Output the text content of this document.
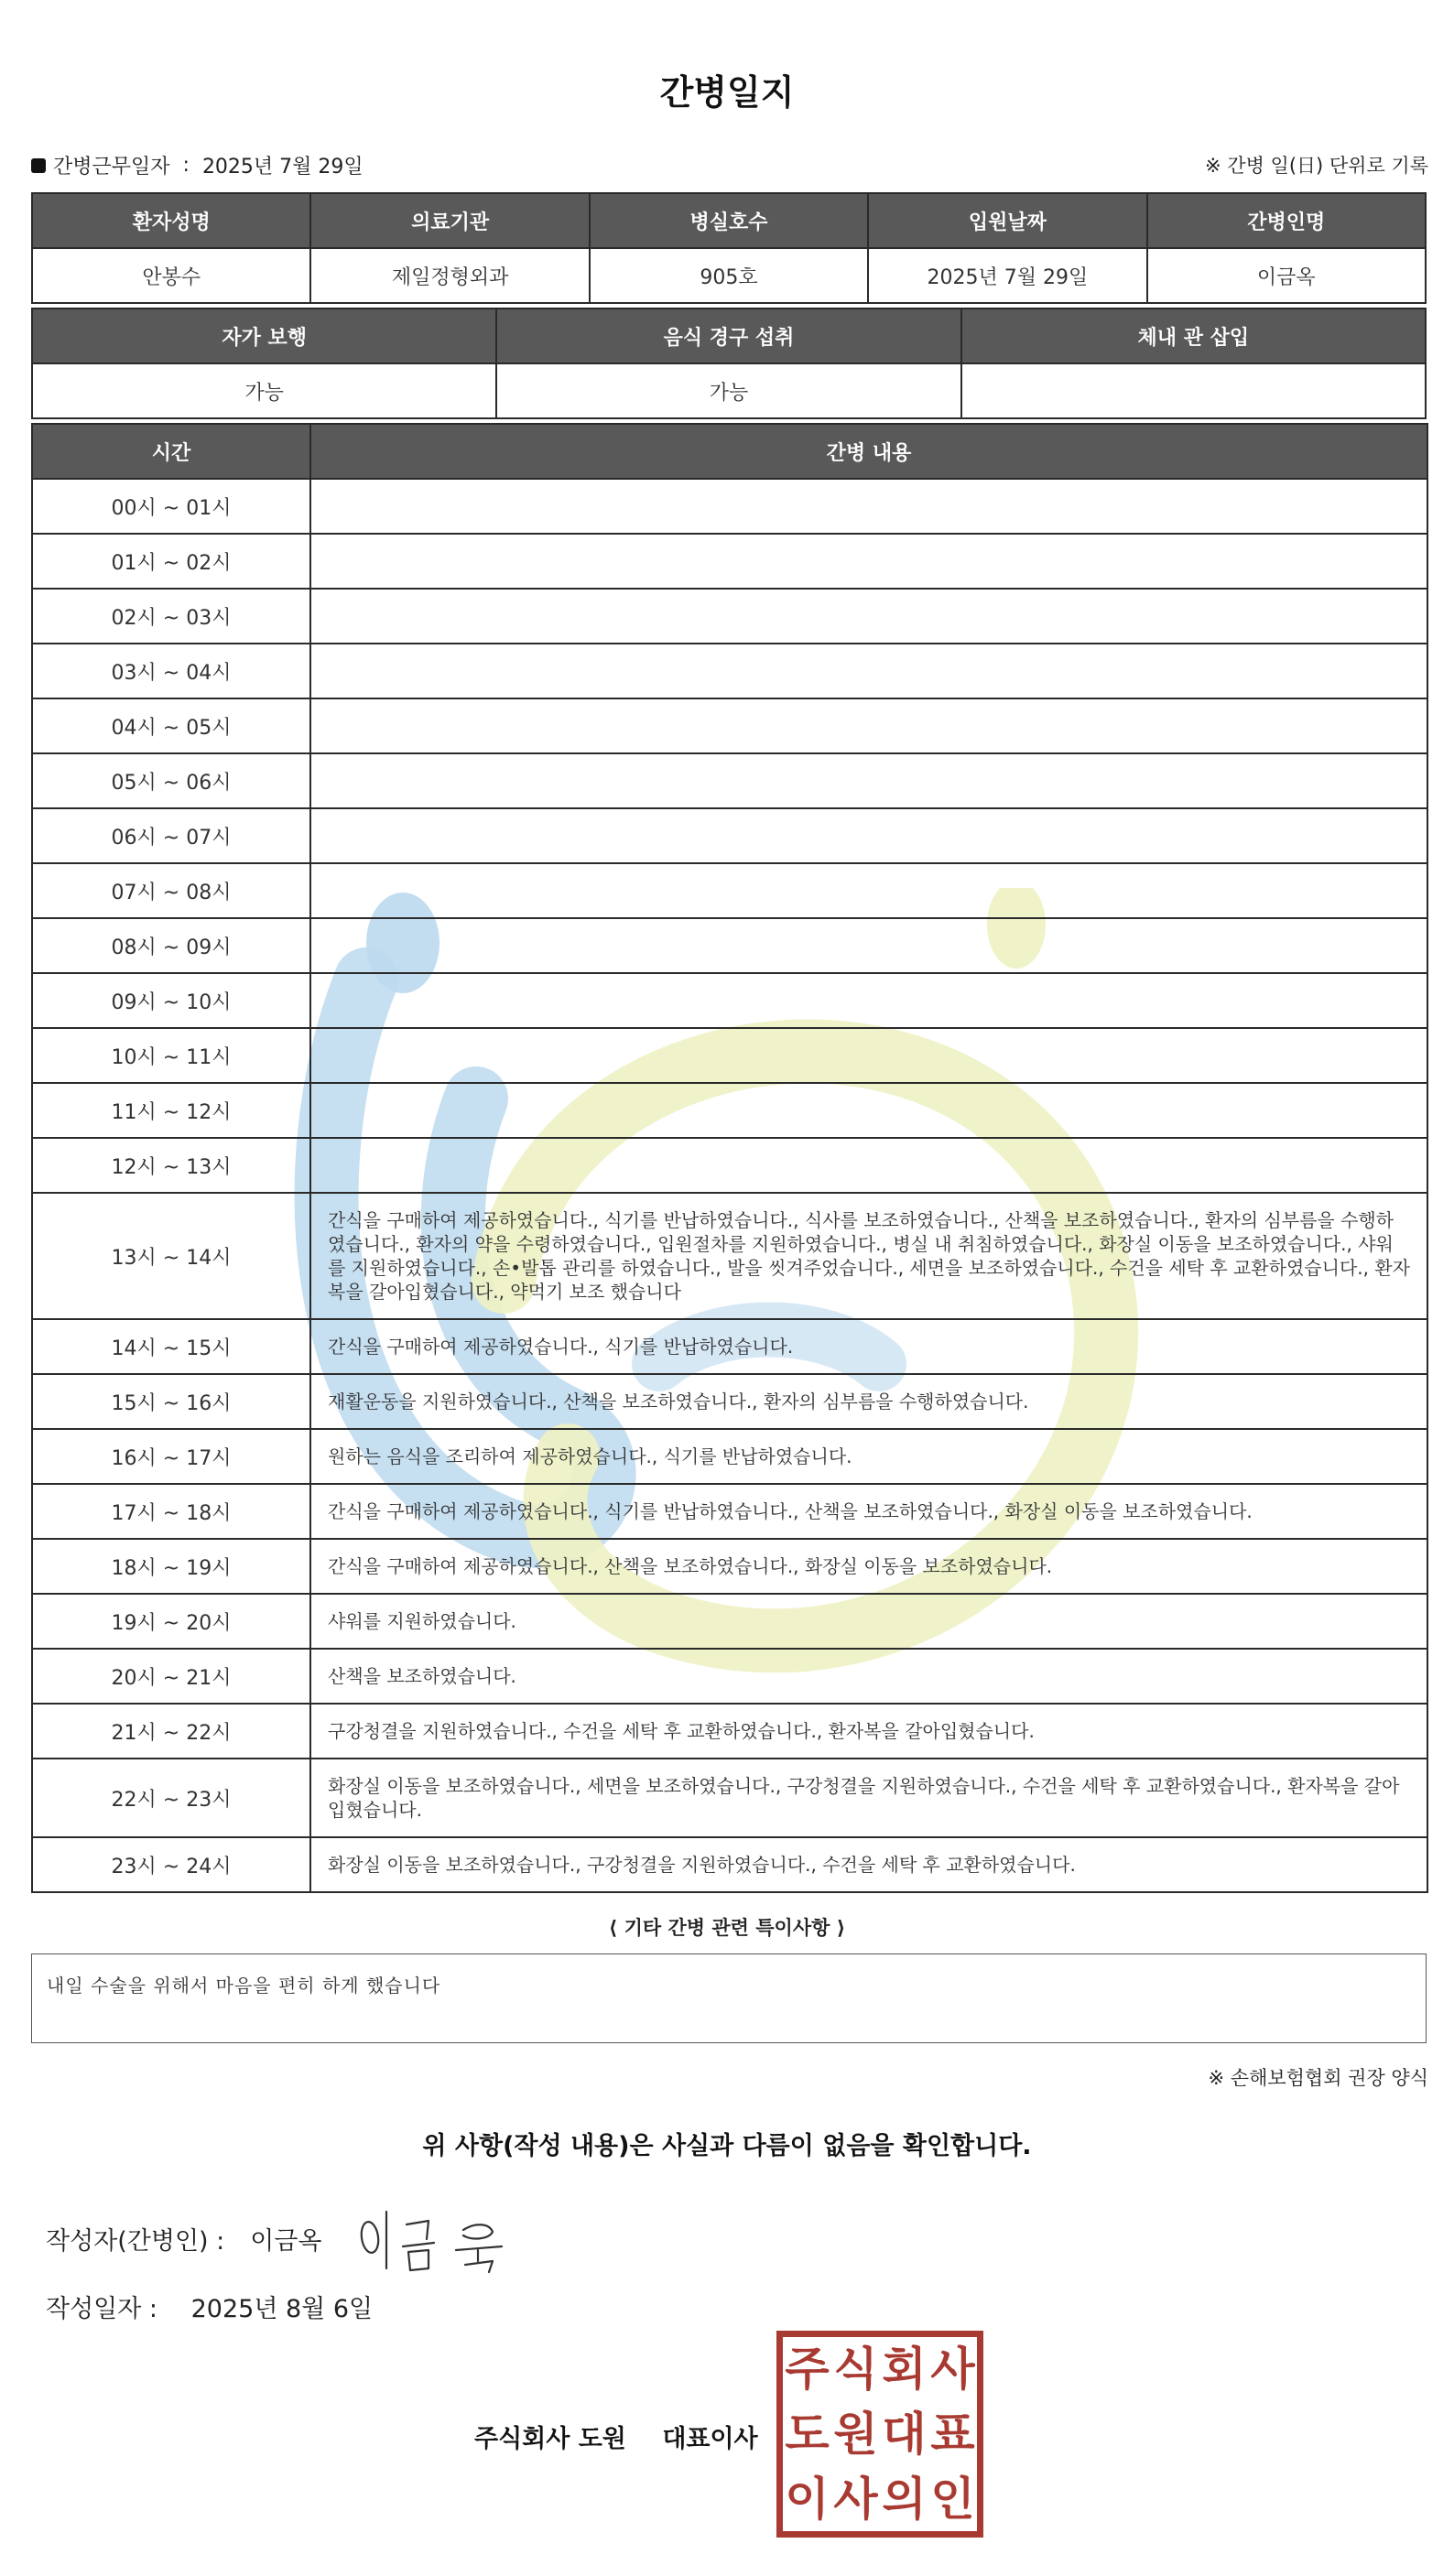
간병일지
간병근무일자 : 2025년 7월 29일	※ 간병 일(日) 단위로 기록
환자성명	의료기관	병실호수	입원날짜	간병인명
안봉수	제일정형외과	905호	2025년 7월 29일	이금옥
자가 보행	음식 경구 섭취	체내 관 삽입
가능	가능	
시간	간병 내용
00시 ~ 01시	
01시 ~ 02시	
02시 ~ 03시	
03시 ~ 04시	
04시 ~ 05시	
05시 ~ 06시	
06시 ~ 07시	
07시 ~ 08시	
08시 ~ 09시	
09시 ~ 10시	
10시 ~ 11시	
11시 ~ 12시	
12시 ~ 13시	
13시 ~ 14시	간식을 구매하여 제공하였습니다., 식기를 반납하였습니다., 식사를 보조하였습니다., 산책을 보조하였습니다., 환자의 심부름을 수행하였습니다., 환자의 약을 수령하였습니다., 입원절차를 지원하였습니다., 병실 내 취침하였습니다., 화장실 이동을 보조하였습니다., 샤워를 지원하였습니다., 손•발톱 관리를 하였습니다., 발을 씻겨주었습니다., 세면을 보조하였습니다., 수건을 세탁 후 교환하였습니다., 환자복을 갈아입혔습니다., 약먹기 보조 했습니다
14시 ~ 15시	간식을 구매하여 제공하였습니다., 식기를 반납하였습니다.
15시 ~ 16시	재활운동을 지원하였습니다., 산책을 보조하였습니다., 환자의 심부름을 수행하였습니다.
16시 ~ 17시	원하는 음식을 조리하여 제공하였습니다., 식기를 반납하였습니다.
17시 ~ 18시	간식을 구매하여 제공하였습니다., 식기를 반납하였습니다., 산책을 보조하였습니다., 화장실 이동을 보조하였습니다.
18시 ~ 19시	간식을 구매하여 제공하였습니다., 산책을 보조하였습니다., 화장실 이동을 보조하였습니다.
19시 ~ 20시	샤워를 지원하였습니다.
20시 ~ 21시	산책을 보조하였습니다.
21시 ~ 22시	구강청결을 지원하였습니다., 수건을 세탁 후 교환하였습니다., 환자복을 갈아입혔습니다.
22시 ~ 23시	화장실 이동을 보조하였습니다., 세면을 보조하였습니다., 구강청결을 지원하였습니다., 수건을 세탁 후 교환하였습니다., 환자복을 갈아입혔습니다.
23시 ~ 24시	화장실 이동을 보조하였습니다., 구강청결을 지원하였습니다., 수건을 세탁 후 교환하였습니다.
⟨ 기타 간병 관련 특이사항 ⟩
내일 수술을 위해서 마음을 편히 하게 했습니다
※ 손해보험협회 권장 양식
위 사항(작성 내용)은 사실과 다름이 없음을 확인합니다.
작성자(간병인) : 이금옥
작성일자 : 2025년 8월 6일
주식회사 도원 대표이사
주 식 회 사
도 원 대 표
이 사 의 인
